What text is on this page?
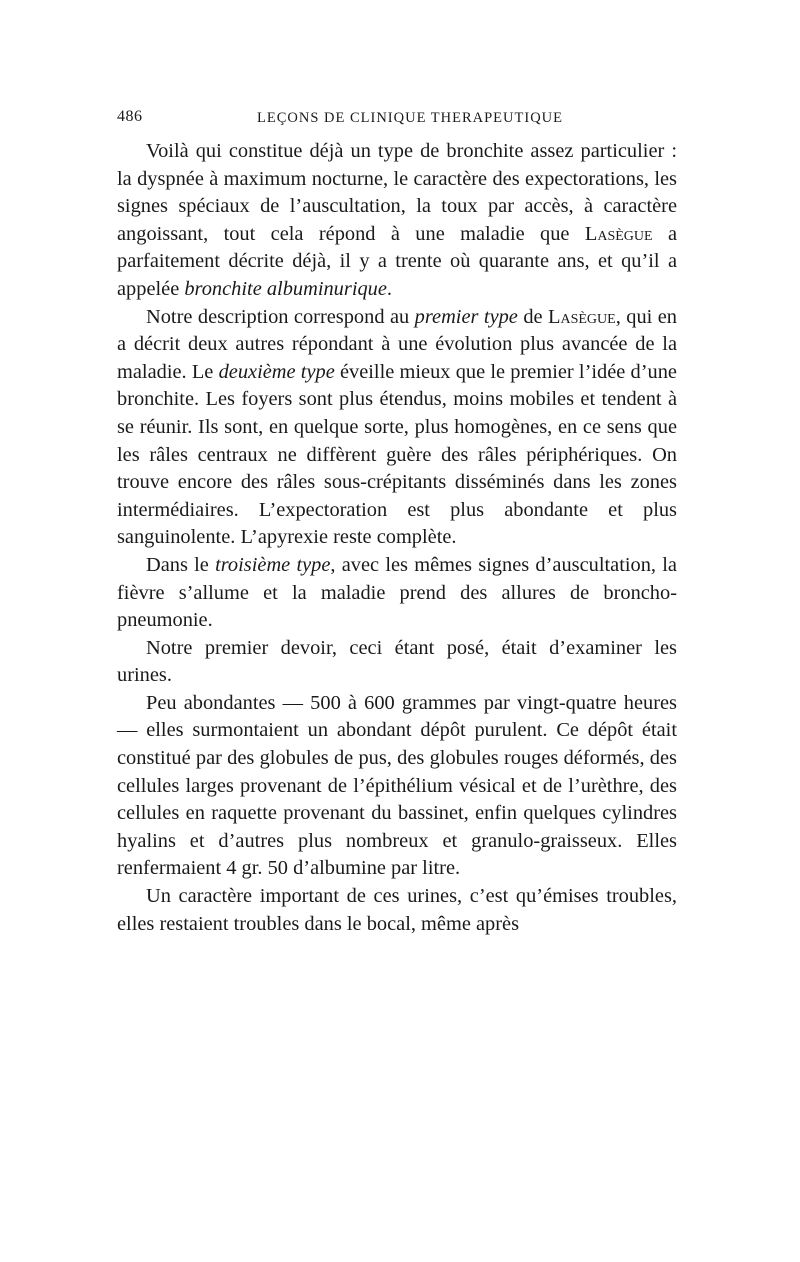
486	LEÇONS DE CLINIQUE THERAPEUTIQUE

Voilà qui constitue déjà un type de bronchite assez particulier : la dyspnée à maximum nocturne, le caractère des expectorations, les signes spéciaux de l’auscultation, la toux par accès, à caractère angoissant, tout cela répond à une maladie que Lasègue a parfaitement décrite déjà, il y a trente où quarante ans, et qu’il a appelée bronchite albuminurique.

Notre description correspond au premier type de Lasègue, qui en a décrit deux autres répondant à une évolution plus avancée de la maladie. Le deuxième type éveille mieux que le premier l’idée d’une bronchite. Les foyers sont plus étendus, moins mobiles et tendent à se réunir. Ils sont, en quelque sorte, plus homogènes, en ce sens que les râles centraux ne diffèrent guère des râles périphériques. On trouve encore des râles sous-crépitants disséminés dans les zones intermédiaires. L’expectoration est plus abondante et plus sanguinolente. L’apyrexie reste complète.

Dans le troisième type, avec les mêmes signes d’auscultation, la fièvre s’allume et la maladie prend des allures de broncho-pneumonie.

Notre premier devoir, ceci étant posé, était d’examiner les urines.

Peu abondantes — 500 à 600 grammes par vingt-quatre heures — elles surmontaient un abondant dépôt purulent. Ce dépôt était constitué par des globules de pus, des globules rouges déformés, des cellules larges provenant de l’épithélium vésical et de l’urèthre, des cellules en raquette provenant du bassinet, enfin quelques cylindres hyalins et d’autres plus nombreux et granulo-graisseux. Elles renfermaient 4 gr. 50 d’albumine par litre.

Un caractère important de ces urines, c’est qu’émises troubles, elles restaient troubles dans le bocal, même après
